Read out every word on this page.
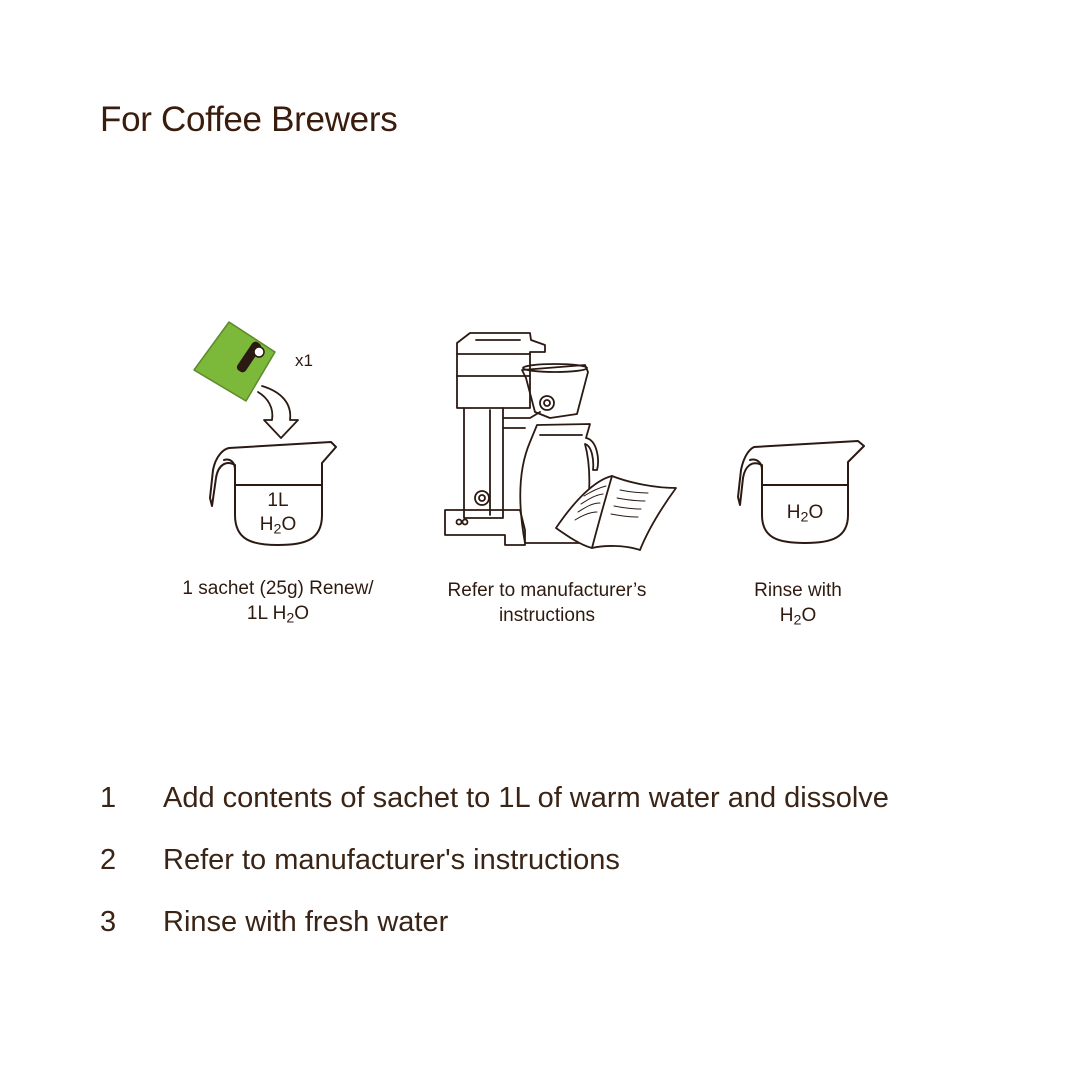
For Coffee Brewers
x1
1L
$H_2O$
$H_2O$
1 sachet (25g) Renew/
1L $H_2O$
Refer to manufacturer’s
instructions
Rinse with
$H_2O$
1	Add contents of sachet to 1L of warm water and dissolve
2	Refer to manufacturer's instructions
3	Rinse with fresh water
